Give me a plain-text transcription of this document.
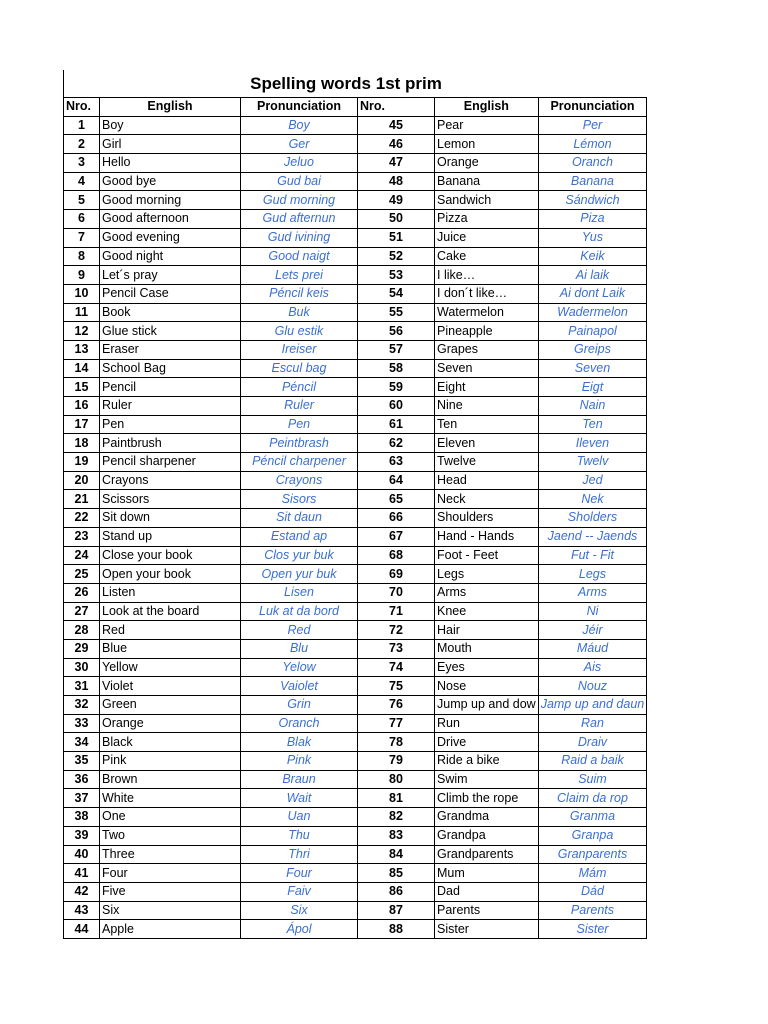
Spelling words 1st prim
Nro.	English	Pronunciation	Nro.	English	Pronunciation
1	Boy	Boy	45	Pear	Per
2	Girl	Ger	46	Lemon	Lémon
3	Hello	Jeluo	47	Orange	Oranch
4	Good bye	Gud bai	48	Banana	Banana
5	Good morning	Gud morning	49	Sandwich	Sándwich
6	Good afternoon	Gud afternun	50	Pizza	Piza
7	Good evening	Gud ivining	51	Juice	Yus
8	Good night	Good naigt	52	Cake	Keik
9	Let´s pray	Lets prei	53	I like…	Ai laik
10	Pencil Case	Péncil keis	54	I don´t like…	Ai dont Laik
11	Book	Buk	55	Watermelon	Wadermelon
12	Glue stick	Glu estik	56	Pineapple	Painapol
13	Eraser	Ireiser	57	Grapes	Greips
14	School Bag	Escul bag	58	Seven	Seven
15	Pencil	Péncil	59	Eight	Eigt
16	Ruler	Ruler	60	Nine	Nain
17	Pen	Pen	61	Ten	Ten
18	Paintbrush	Peintbrash	62	Eleven	Ileven
19	Pencil sharpener	Péncil charpener	63	Twelve	Twelv
20	Crayons	Crayons	64	Head	Jed
21	Scissors	Sisors	65	Neck	Nek
22	Sit down	Sit daun	66	Shoulders	Sholders
23	Stand up	Estand ap	67	Hand - Hands	Jaend -- Jaends
24	Close your book	Clos yur buk	68	Foot - Feet	Fut - Fit
25	Open your book	Open yur buk	69	Legs	Legs
26	Listen	Lisen	70	Arms	Arms
27	Look at the board	Luk at da bord	71	Knee	Ni
28	Red	Red	72	Hair	Jéir
29	Blue	Blu	73	Mouth	Máud
30	Yellow	Yelow	74	Eyes	Ais
31	Violet	Vaiolet	75	Nose	Nouz
32	Green	Grin	76	Jump up and dow	Jamp up and daun
33	Orange	Oranch	77	Run	Ran
34	Black	Blak	78	Drive	Draiv
35	Pink	Pink	79	Ride a bike	Raid a baik
36	Brown	Braun	80	Swim	Suim
37	White	Wait	81	Climb the rope	Claim da rop
38	One	Uan	82	Grandma	Granma
39	Two	Thu	83	Grandpa	Granpa
40	Three	Thri	84	Grandparents	Granparents
41	Four	Four	85	Mum	Mám
42	Five	Faiv	86	Dad	Dád
43	Six	Six	87	Parents	Parents
44	Apple	Ápol	88	Sister	Sister
